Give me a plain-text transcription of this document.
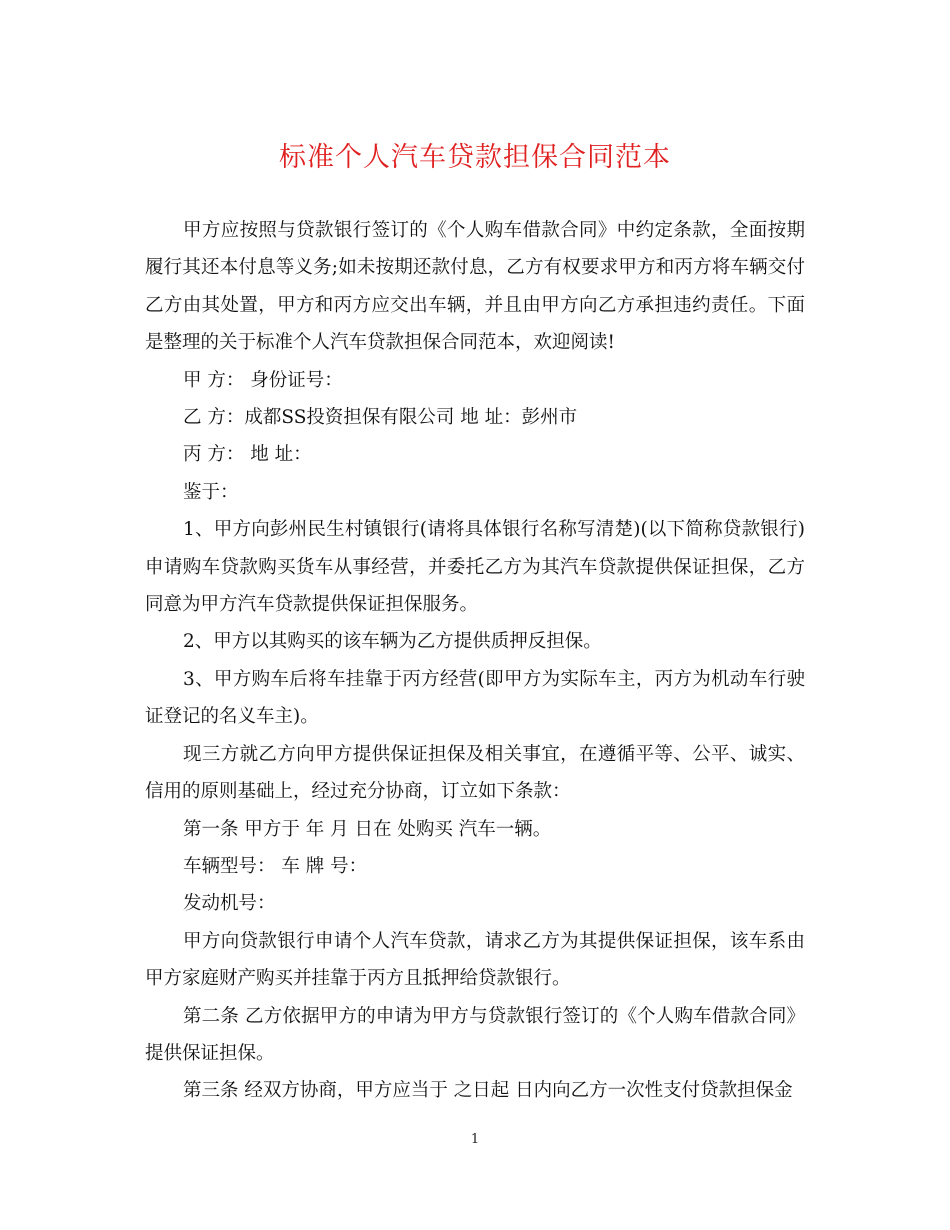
标准个人汽车贷款担保合同范本

甲方应按照与贷款银行签订的《个人购车借款合同》中约定条款，全面按期履行其还本付息等义务;如未按期还款付息，乙方有权要求甲方和丙方将车辆交付乙方由其处置，甲方和丙方应交出车辆，并且由甲方向乙方承担违约责任。下面是整理的关于标准个人汽车贷款担保合同范本，欢迎阅读!

甲 方： 身份证号：

乙 方：成都SS投资担保有限公司 地 址：彭州市

丙 方： 地 址：

鉴于：

1、甲方向彭州民生村镇银行(请将具体银行名称写清楚)(以下简称贷款银行)申请购车贷款购买货车从事经营，并委托乙方为其汽车贷款提供保证担保，乙方同意为甲方汽车贷款提供保证担保服务。

2、甲方以其购买的该车辆为乙方提供质押反担保。

3、甲方购车后将车挂靠于丙方经营(即甲方为实际车主，丙方为机动车行驶证登记的名义车主)。

现三方就乙方向甲方提供保证担保及相关事宜，在遵循平等、公平、诚实、信用的原则基础上，经过充分协商，订立如下条款：

第一条 甲方于 年 月 日在 处购买 汽车一辆。

车辆型号： 车 牌 号：

发动机号：

甲方向贷款银行申请个人汽车贷款，请求乙方为其提供保证担保，该车系由甲方家庭财产购买并挂靠于丙方且抵押给贷款银行。

第二条 乙方依据甲方的申请为甲方与贷款银行签订的《个人购车借款合同》提供保证担保。

第三条 经双方协商，甲方应当于 之日起 日内向乙方一次性支付贷款担保金

1
